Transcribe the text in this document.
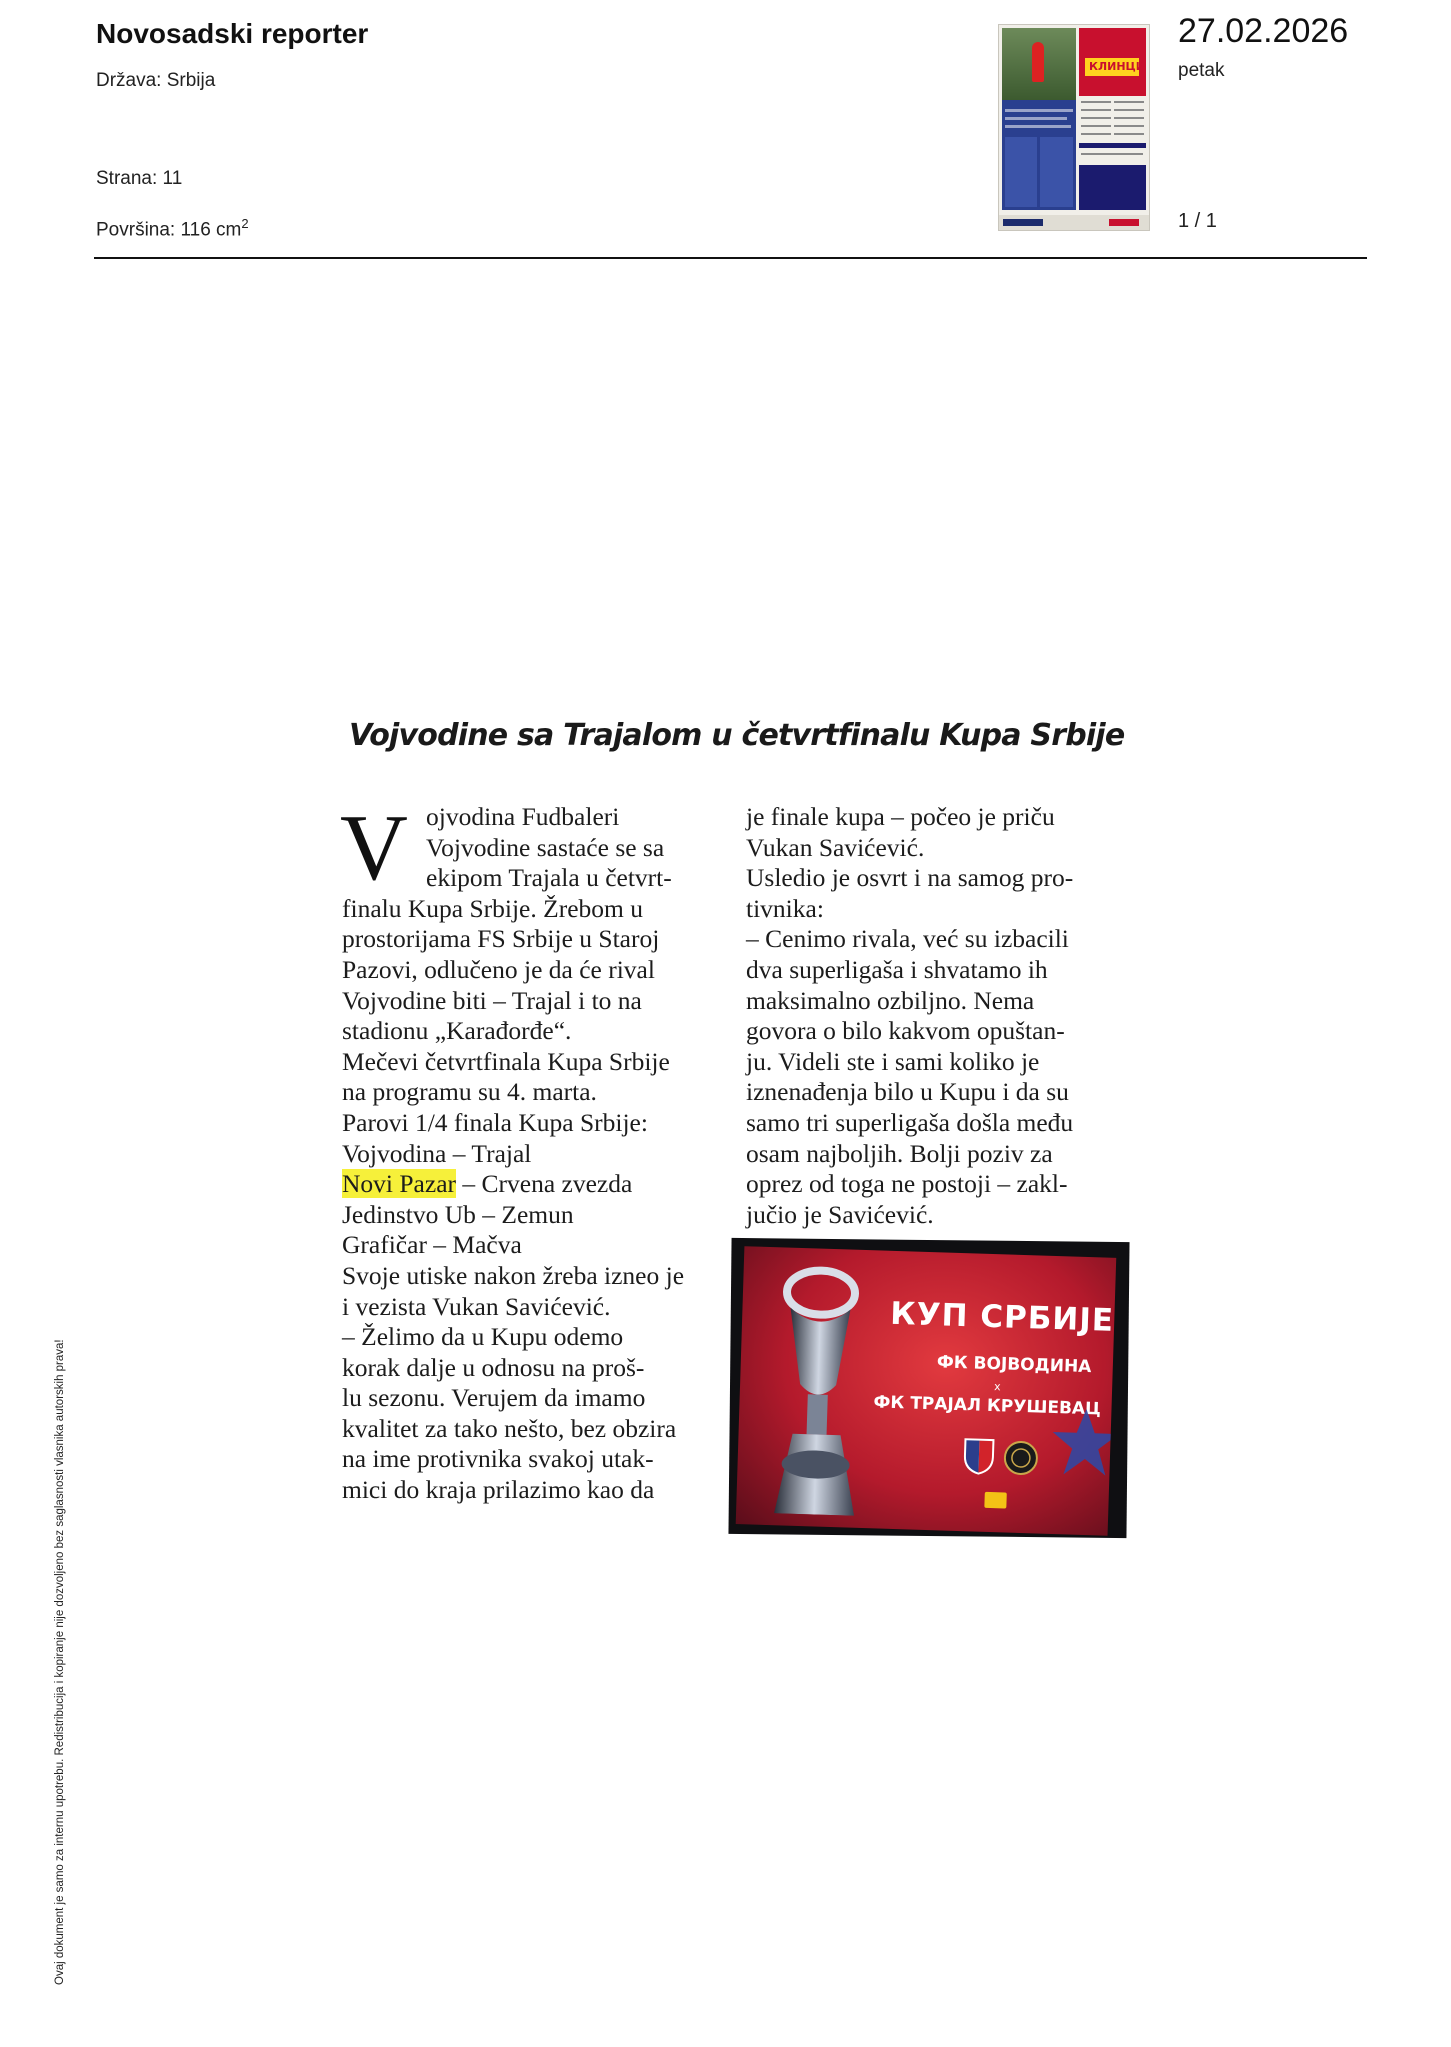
Novosadski reporter
Država: Srbija
Strana: 11
Površina: 116 $cm^2$
КЛИНЦИ
27.02.2026
petak
1 / 1
Vojvodine sa Trajalom u četvrtfinalu Kupa Srbije
V ojvodina Fudbaleri
Vojvodine sastaće se sa
ekipom Trajala u četvrt-
finalu Kupa Srbije. Žrebom u
prostorijama FS Srbije u Staroj
Pazovi, odlučeno je da će rival
Vojvodine biti – Trajal i to na
stadionu „Karađorđe“.
Mečevi četvrtfinala Kupa Srbije
na programu su 4. marta.
Parovi 1/4 finala Kupa Srbije:
Vojvodina – Trajal
Novi Pazar – Crvena zvezda
Jedinstvo Ub – Zemun
Grafičar – Mačva
Svoje utiske nakon žreba izneo je
i vezista Vukan Savićević.
– Želimo da u Kupu odemo
korak dalje u odnosu na proš-
lu sezonu. Verujem da imamo
kvalitet za tako nešto, bez obzira
na ime protivnika svakoj utak-
mici do kraja prilazimo kao da
je finale kupa – počeo je priču
Vukan Savićević.
Usledio je osvrt i na samog pro-
tivnika:
– Cenimo rivala, već su izbacili
dva superligaša i shvatamo ih
maksimalno ozbiljno. Nema
govora o bilo kakvom opuštan-
ju. Videli ste i sami koliko je
iznenađenja bilo u Kupu i da su
samo tri superligaša došla među
osam najboljih. Bolji poziv za
oprez od toga ne postoji – zakl-
jučio je Savićević.
КУП СРБИЈЕ
ФК ВОЈВОДИНА
x
ФК ТРАЈАЛ КРУШЕВАЦ
Ovaj dokument je samo za internu upotrebu. Redistribucija i kopiranje nije dozvoljeno bez saglasnosti vlasnika autorskih prava!
